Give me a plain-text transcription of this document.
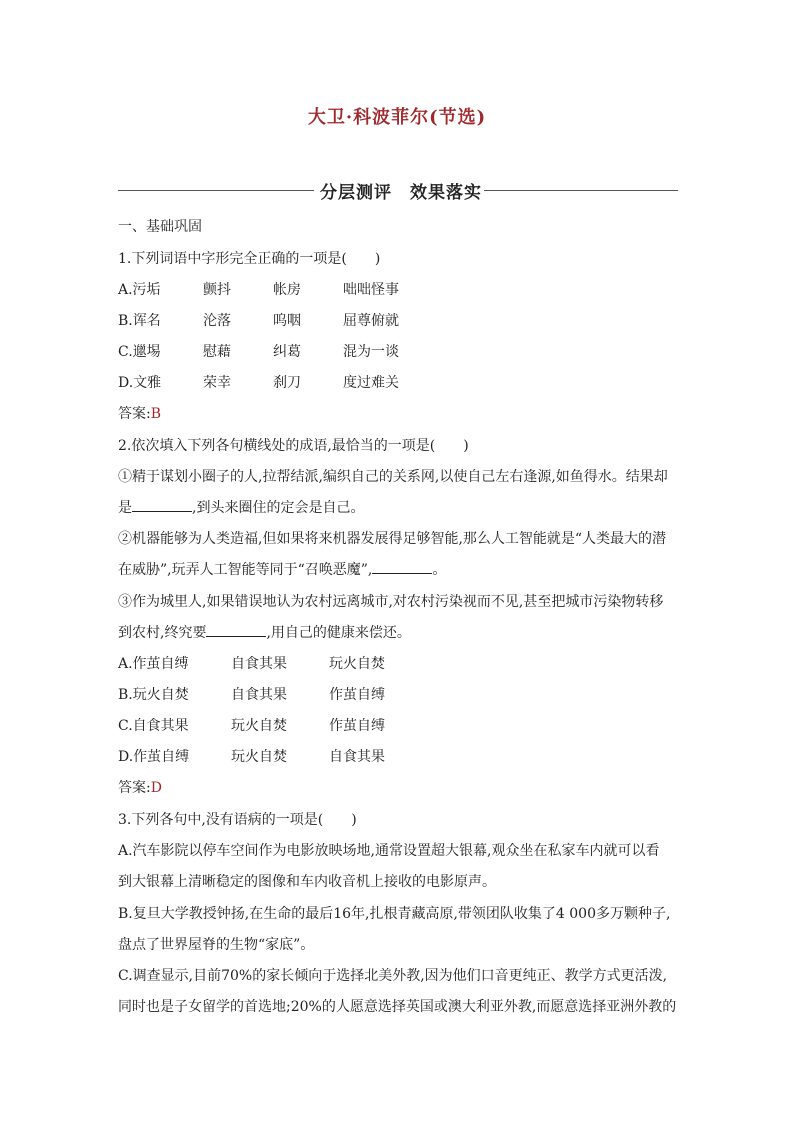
大卫·科波菲尔(节选)
分层测评　效果落实
一、基础巩固
1.下列词语中字形完全正确的一项是(　　)
A.污垢	颤抖	帐房	咄咄怪事
B.诨名	沦落	呜咽	屈尊俯就
C.邋埸	慰藉	纠葛	混为一谈
D.文雅	荣幸	刹刀	度过难关
答案:B
2.依次填入下列各句横线处的成语,最恰当的一项是(　　)
①精于谋划小圈子的人,拉帮结派,编织自己的关系网,以使自己左右逢源,如鱼得水。结果却
是	,到头来圈住的定会是自己。
②机器能够为人类造福,但如果将来机器发展得足够智能,那么人工智能就是“人类最大的潜
在威胁”,玩弄人工智能等同于“召唤恶魔”,	。
③作为城里人,如果错误地认为农村远离城市,对农村污染视而不见,甚至把城市污染物转移
到农村,终究要	,用自己的健康来偿还。
A.作茧自缚	自食其果	玩火自焚
B.玩火自焚	自食其果	作茧自缚
C.自食其果	玩火自焚	作茧自缚
D.作茧自缚	玩火自焚	自食其果
答案:D
3.下列各句中,没有语病的一项是(　　)
A.汽车影院以停车空间作为电影放映场地,通常设置超大银幕,观众坐在私家车内就可以看
到大银幕上清晰稳定的图像和车内收音机上接收的电影原声。
B.复旦大学教授钟扬,在生命的最后16年,扎根青藏高原,带领团队收集了4 000多万颗种子,
盘点了世界屋脊的生物“家底”。
C.调查显示,目前70%的家长倾向于选择北美外教,因为他们口音更纯正、教学方式更活泼,
同时也是子女留学的首选地;20%的人愿意选择英国或澳大利亚外教,而愿意选择亚洲外教的
